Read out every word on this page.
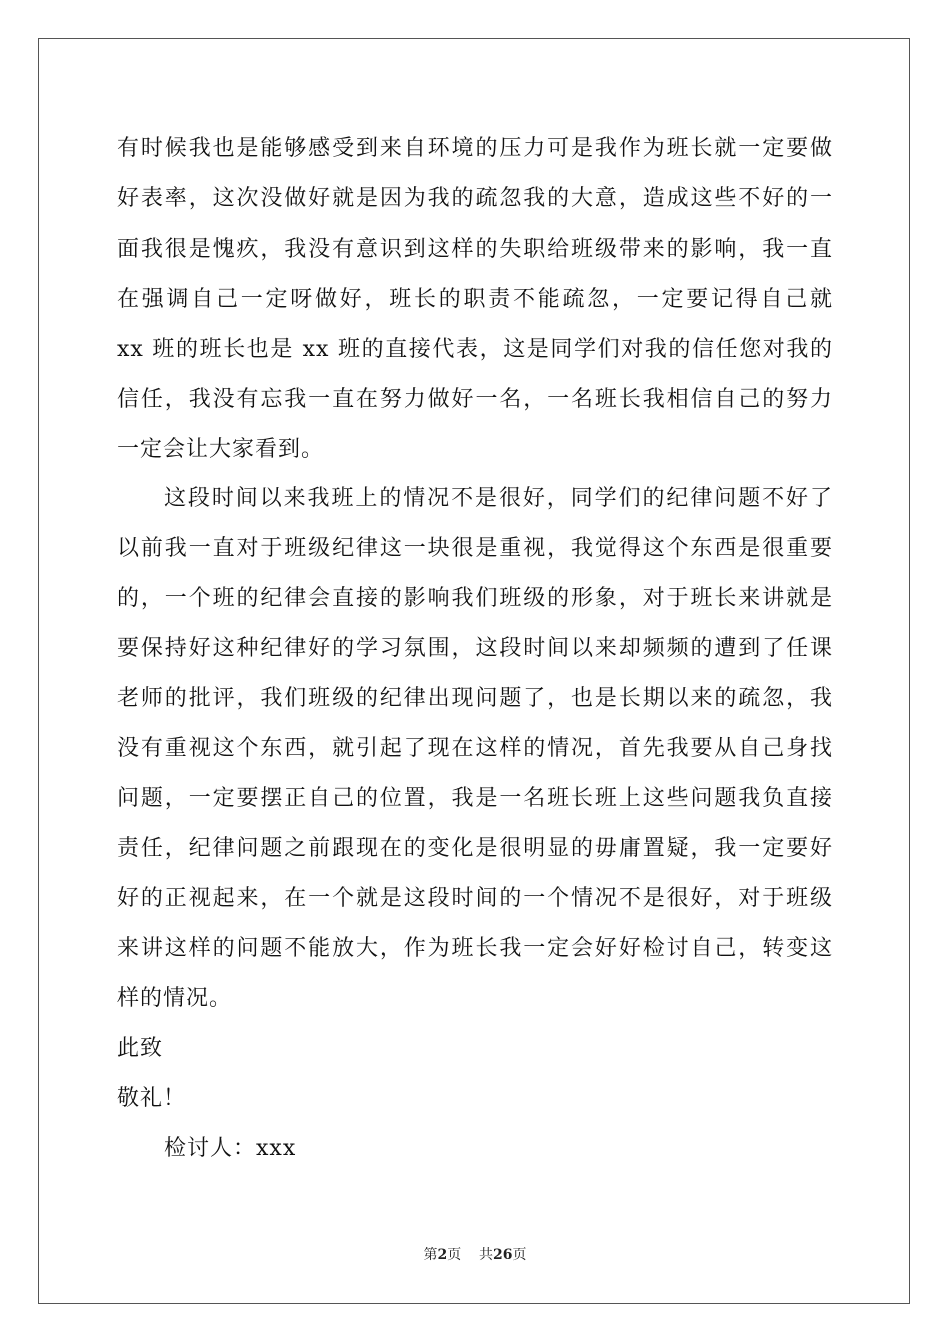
有时候我也是能够感受到来自环境的压力可是我作为班长就一定要做
好表率，这次没做好就是因为我的疏忽我的大意，造成这些不好的一
面我很是愧疚，我没有意识到这样的失职给班级带来的影响，我一直
在强调自己一定呀做好，班长的职责不能疏忽，一定要记得自己就
xx 班的班长也是 xx 班的直接代表，这是同学们对我的信任您对我的
信任，我没有忘我一直在努力做好一名，一名班长我相信自己的努力
一定会让大家看到。
这段时间以来我班上的情况不是很好，同学们的纪律问题不好了
以前我一直对于班级纪律这一块很是重视，我觉得这个东西是很重要
的，一个班的纪律会直接的影响我们班级的形象，对于班长来讲就是
要保持好这种纪律好的学习氛围，这段时间以来却频频的遭到了任课
老师的批评，我们班级的纪律出现问题了，也是长期以来的疏忽，我
没有重视这个东西，就引起了现在这样的情况，首先我要从自己身找
问题，一定要摆正自己的位置，我是一名班长班上这些问题我负直接
责任，纪律问题之前跟现在的变化是很明显的毋庸置疑，我一定要好
好的正视起来，在一个就是这段时间的一个情况不是很好，对于班级
来讲这样的问题不能放大，作为班长我一定会好好检讨自己，转变这
样的情况。
此致
敬礼！
检讨人：xxx
第2页 共26页
